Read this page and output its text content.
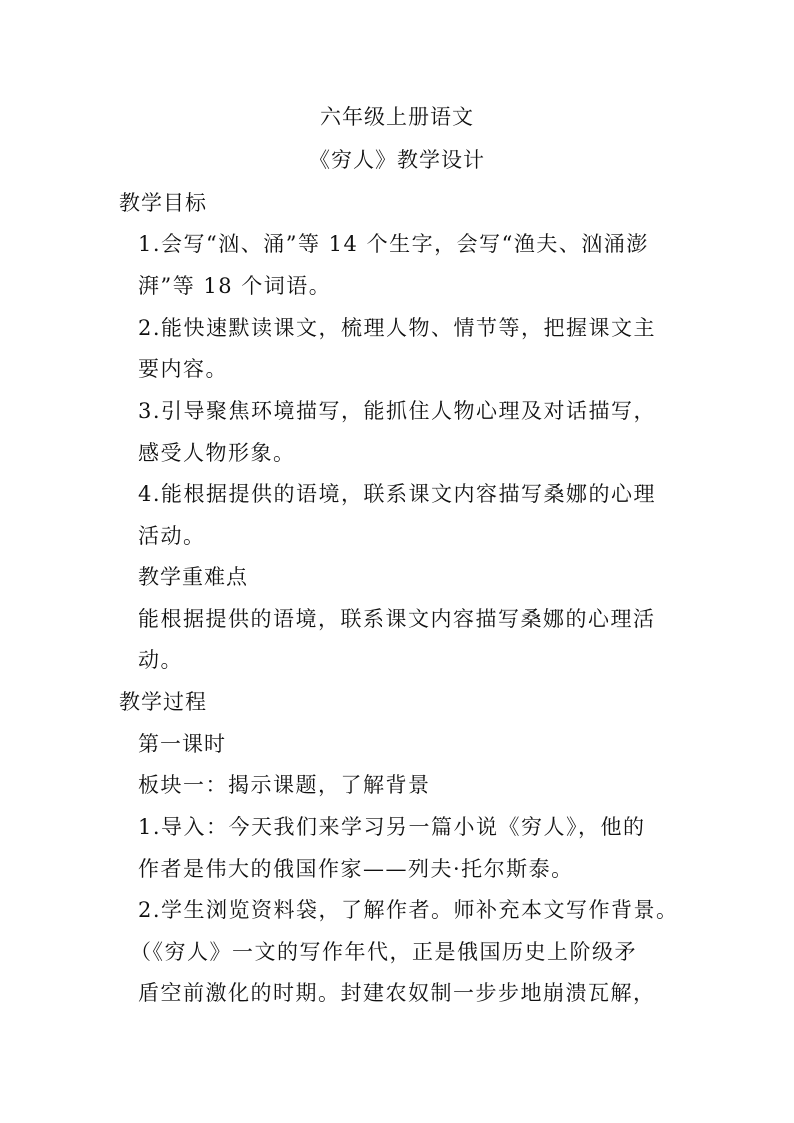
六年级上册语文
《穷人》教学设计
教学目标
1.会写“汹、涌”等 14 个生字，会写“渔夫、汹涌澎
湃”等 18 个词语。
2.能快速默读课文，梳理人物、情节等，把握课文主
要内容。
3.引导聚焦环境描写，能抓住人物心理及对话描写，
感受人物形象。
4.能根据提供的语境，联系课文内容描写桑娜的心理
活动。
教学重难点
能根据提供的语境，联系课文内容描写桑娜的心理活
动。
教学过程
第一课时
板块一：揭示课题，了解背景
1.导入：今天我们来学习另一篇小说《穷人》，他的
作者是伟大的俄国作家——列夫·托尔斯泰。
2.学生浏览资料袋，了解作者。师补充本文写作背景。
（《穷人》一文的写作年代，正是俄国历史上阶级矛
盾空前激化的时期。封建农奴制一步步地崩溃瓦解，
